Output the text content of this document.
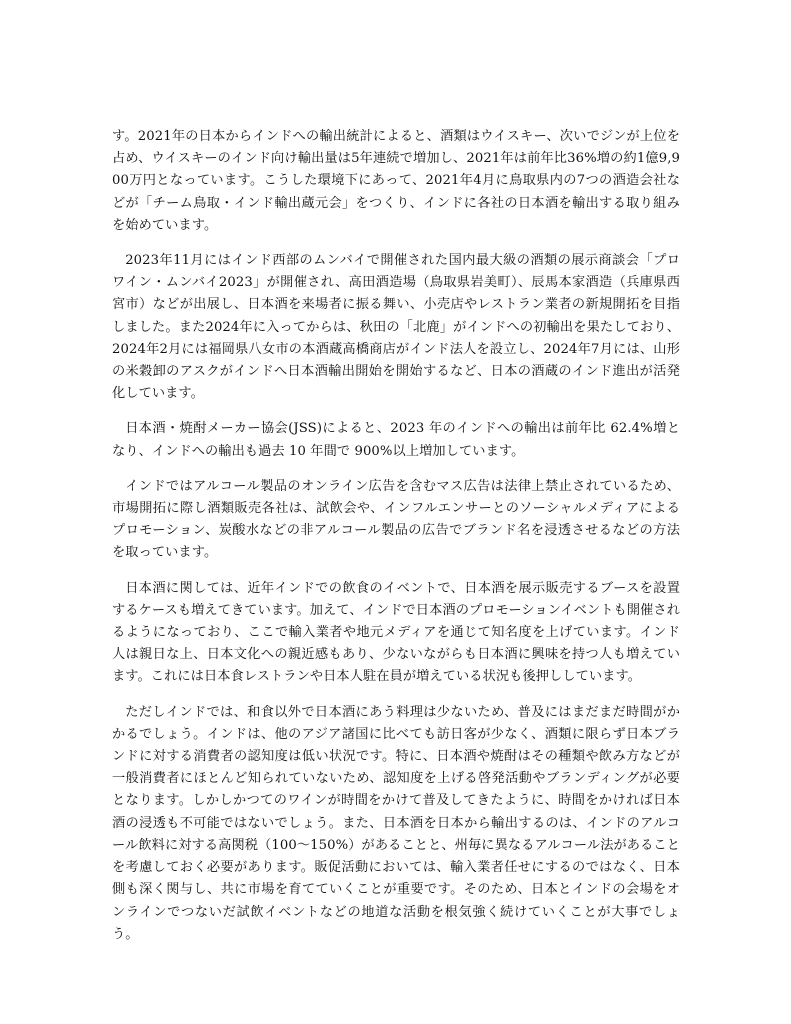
す。2021年の日本からインドへの輸出統計によると、酒類はウイスキー、次いでジンが上位を占め、ウイスキーのインド向け輸出量は5年連続で増加し、2021年は前年比36%増の約1億9,900万円となっています。こうした環境下にあって、2021年4月に鳥取県内の7つの酒造会社などが「チーム鳥取・インド輸出蔵元会」をつくり、インドに各社の日本酒を輸出する取り組みを始めています。

2023年11月にはインド西部のムンバイで開催された国内最大級の酒類の展示商談会「プロワイン・ムンバイ2023」が開催され、高田酒造場（鳥取県岩美町）、辰馬本家酒造（兵庫県西宮市）などが出展し、日本酒を来場者に振る舞い、小売店やレストラン業者の新規開拓を目指しました。また2024年に入ってからは、秋田の「北鹿」がインドへの初輸出を果たしており、2024年2月には福岡県八女市の本酒蔵高橋商店がインド法人を設立し、2024年7月には、山形の米穀卸のアスクがインドへ日本酒輸出開始を開始するなど、日本の酒蔵のインド進出が活発化しています。

日本酒・焼酎メーカー協会(JSS)によると、2023 年のインドへの輸出は前年比 62.4%増となり、インドへの輸出も過去 10 年間で 900%以上増加しています。

インドではアルコール製品のオンライン広告を含むマス広告は法律上禁止されているため、市場開拓に際し酒類販売各社は、試飲会や、インフルエンサーとのソーシャルメディアによるプロモーション、炭酸水などの非アルコール製品の広告でブランド名を浸透させるなどの方法を取っています。

日本酒に関しては、近年インドでの飲食のイベントで、日本酒を展示販売するブースを設置するケースも増えてきています。加えて、インドで日本酒のプロモーションイベントも開催されるようになっており、ここで輸入業者や地元メディアを通じて知名度を上げています。インド人は親日な上、日本文化への親近感もあり、少ないながらも日本酒に興味を持つ人も増えています。これには日本食レストランや日本人駐在員が増えている状況も後押ししています。

ただしインドでは、和食以外で日本酒にあう料理は少ないため、普及にはまだまだ時間がかかるでしょう。インドは、他のアジア諸国に比べても訪日客が少なく、酒類に限らず日本ブランドに対する消費者の認知度は低い状況です。特に、日本酒や焼酎はその種類や飲み方などが一般消費者にほとんど知られていないため、認知度を上げる啓発活動やブランディングが必要となります。しかしかつてのワインが時間をかけて普及してきたように、時間をかければ日本酒の浸透も不可能ではないでしょう。また、日本酒を日本から輸出するのは、インドのアルコール飲料に対する高関税（100～150%）があることと、州毎に異なるアルコール法があることを考慮しておく必要があります。販促活動においては、輸入業者任せにするのではなく、日本側も深く関与し、共に市場を育てていくことが重要です。そのため、日本とインドの会場をオンラインでつないだ試飲イベントなどの地道な活動を根気強く続けていくことが大事でしょう。
